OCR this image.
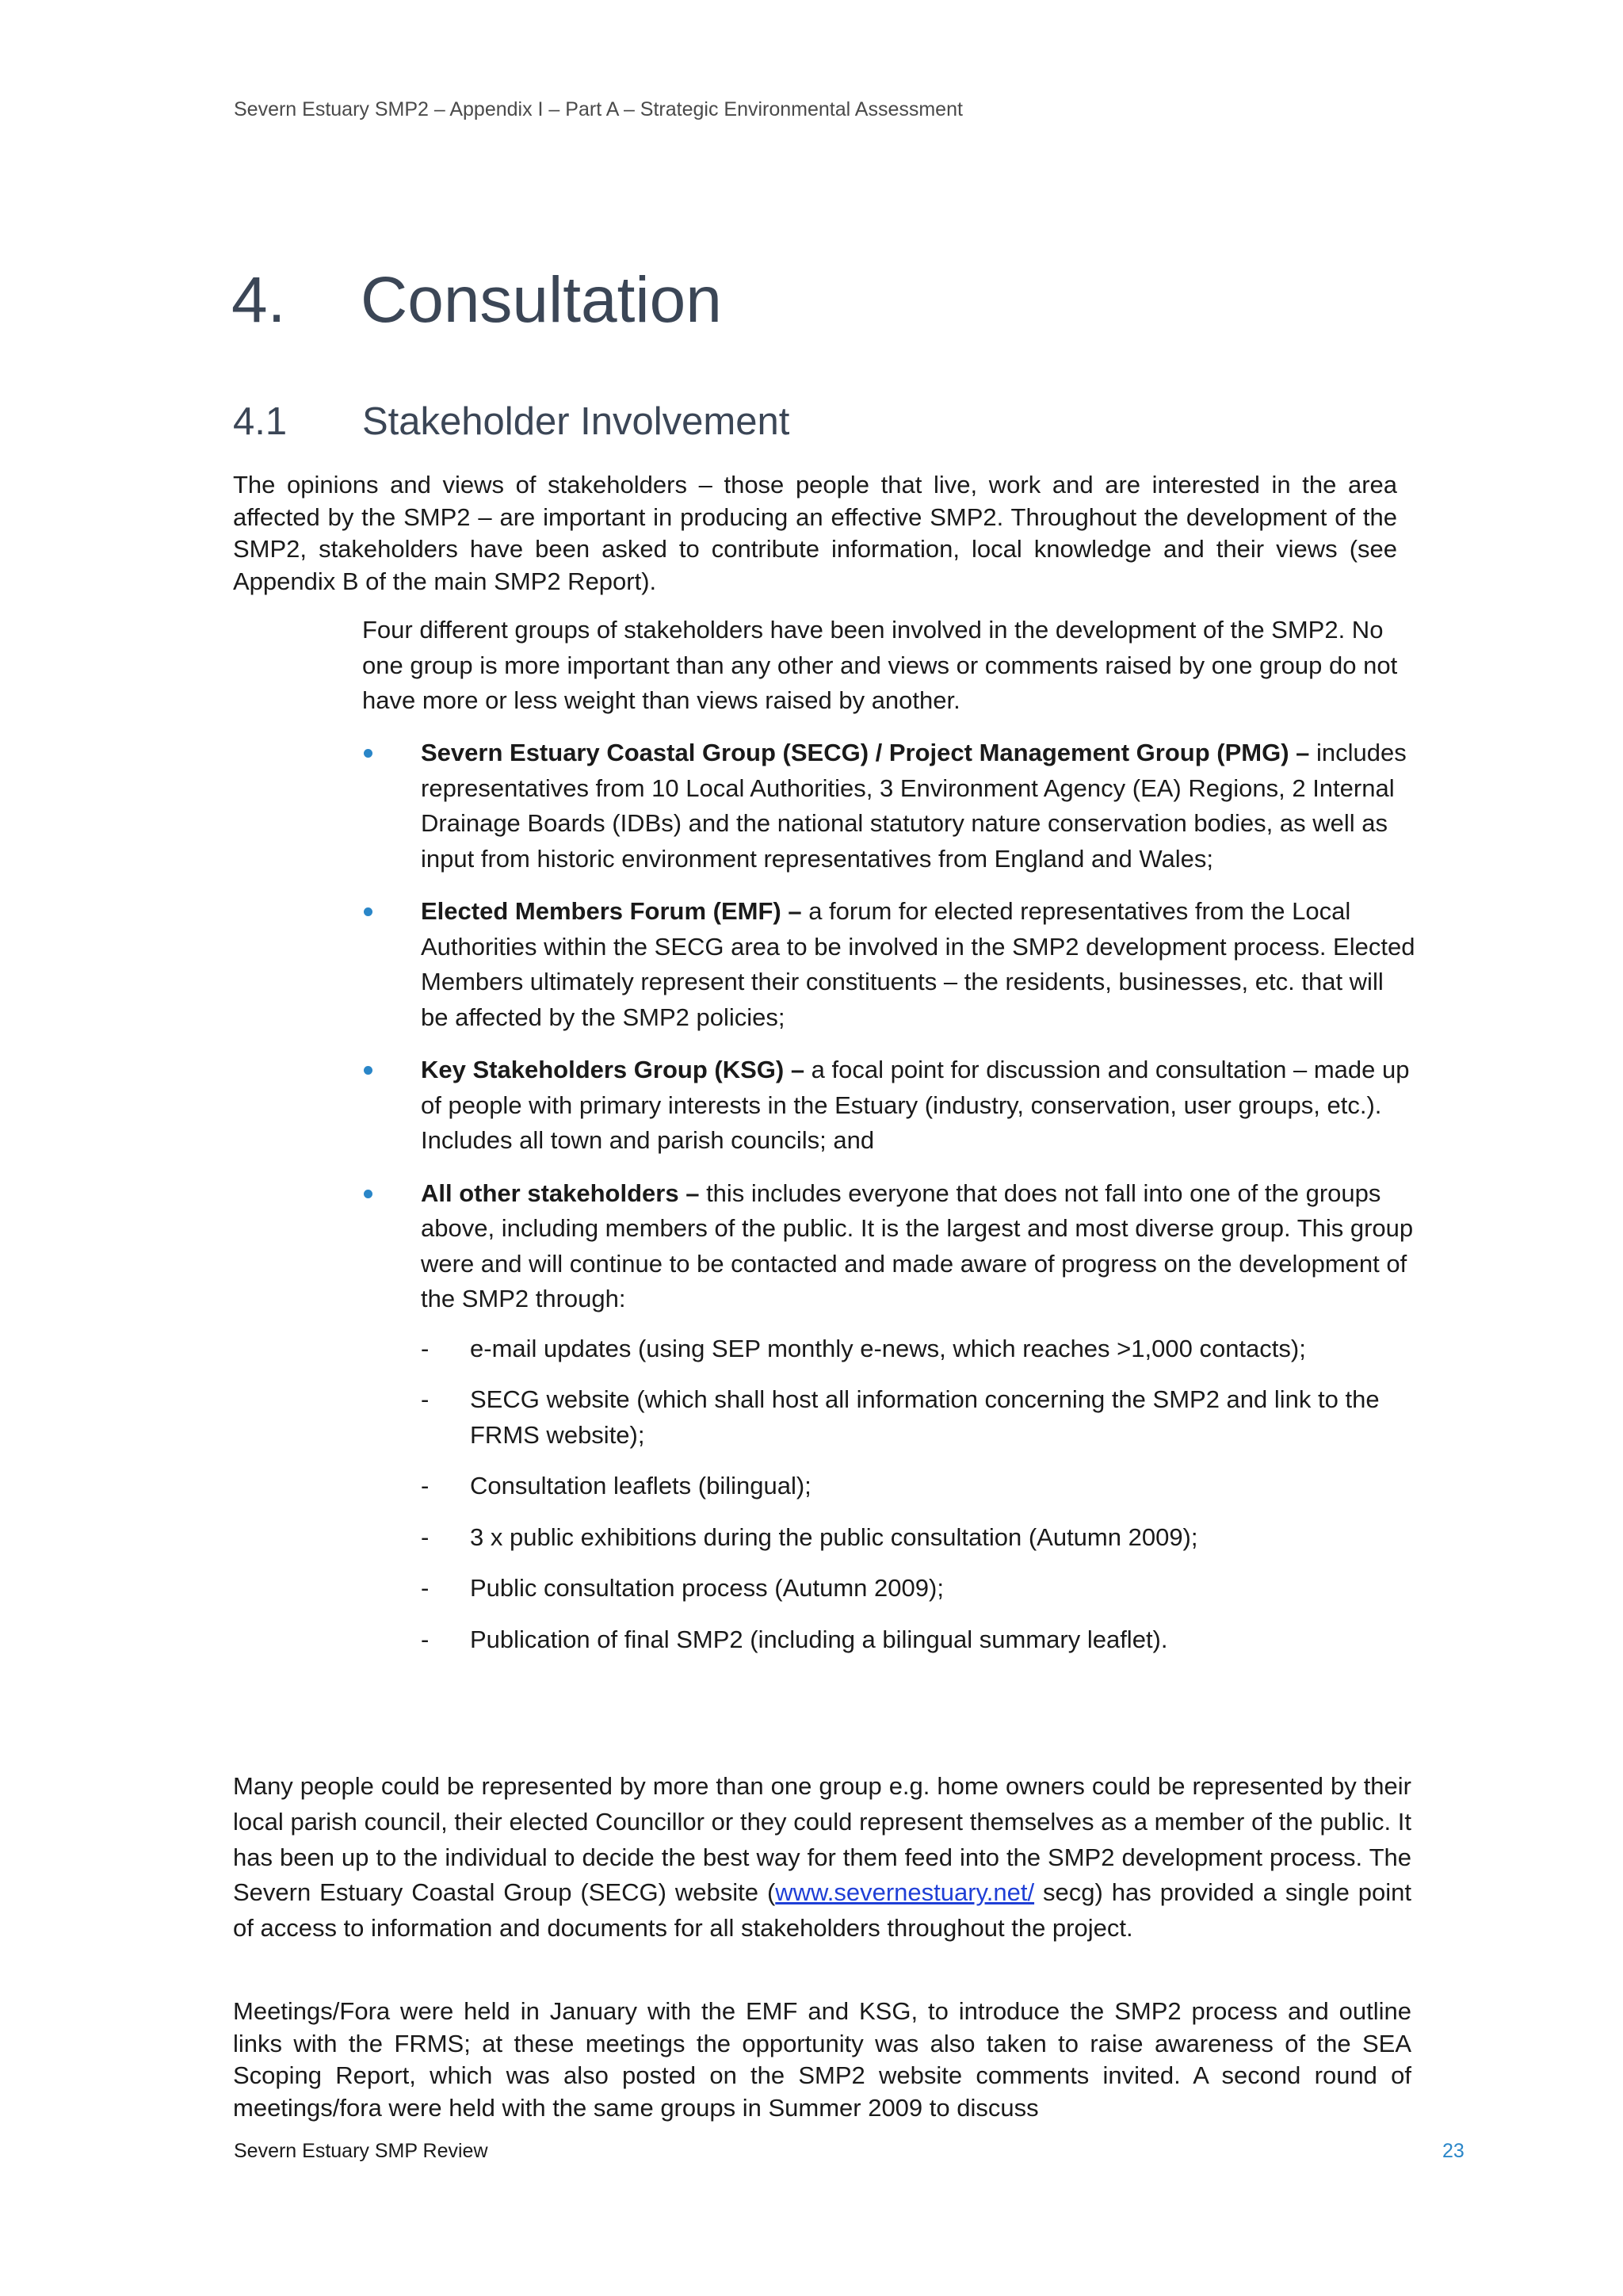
Severn Estuary SMP2 – Appendix I – Part A – Strategic Environmental Assessment
4. Consultation
4.1 Stakeholder Involvement

The opinions and views of stakeholders – those people that live, work and are interested in the area affected by the SMP2 – are important in producing an effective SMP2. Throughout the development of the SMP2, stakeholders have been asked to contribute information, local knowledge and their views (see Appendix B of the main SMP2 Report).

Four different groups of stakeholders have been involved in the development of the SMP2. No one group is more important than any other and views or comments raised by one group do not have more or less weight than views raised by another.

Severn Estuary Coastal Group (SECG) / Project Management Group (PMG) – includes representatives from 10 Local Authorities, 3 Environment Agency (EA) Regions, 2 Internal Drainage Boards (IDBs) and the national statutory nature conservation bodies, as well as input from historic environment representatives from England and Wales;
Elected Members Forum (EMF) – a forum for elected representatives from the Local Authorities within the SECG area to be involved in the SMP2 development process. Elected Members ultimately represent their constituents – the residents, businesses, etc. that will be affected by the SMP2 policies;
Key Stakeholders Group (KSG) – a focal point for discussion and consultation – made up of people with primary interests in the Estuary (industry, conservation, user groups, etc.). Includes all town and parish councils; and
All other stakeholders – this includes everyone that does not fall into one of the groups above, including members of the public. It is the largest and most diverse group. This group were and will continue to be contacted and made aware of progress on the development of the SMP2 through:
- e-mail updates (using SEP monthly e-news, which reaches >1,000 contacts);
- SECG website (which shall host all information concerning the SMP2 and link to the FRMS website);
- Consultation leaflets (bilingual);
- 3 x public exhibitions during the public consultation (Autumn 2009);
- Public consultation process (Autumn 2009);
- Publication of final SMP2 (including a bilingual summary leaflet).

Many people could be represented by more than one group e.g. home owners could be represented by their local parish council, their elected Councillor or they could represent themselves as a member of the public. It has been up to the individual to decide the best way for them feed into the SMP2 development process. The Severn Estuary Coastal Group (SECG) website (www.severnestuary.net/ secg) has provided a single point of access to information and documents for all stakeholders throughout the project.

Meetings/Fora were held in January with the EMF and KSG, to introduce the SMP2 process and outline links with the FRMS; at these meetings the opportunity was also taken to raise awareness of the SEA Scoping Report, which was also posted on the SMP2 website comments invited. A second round of meetings/fora were held with the same groups in Summer 2009 to discuss

Severn Estuary SMP Review	23
